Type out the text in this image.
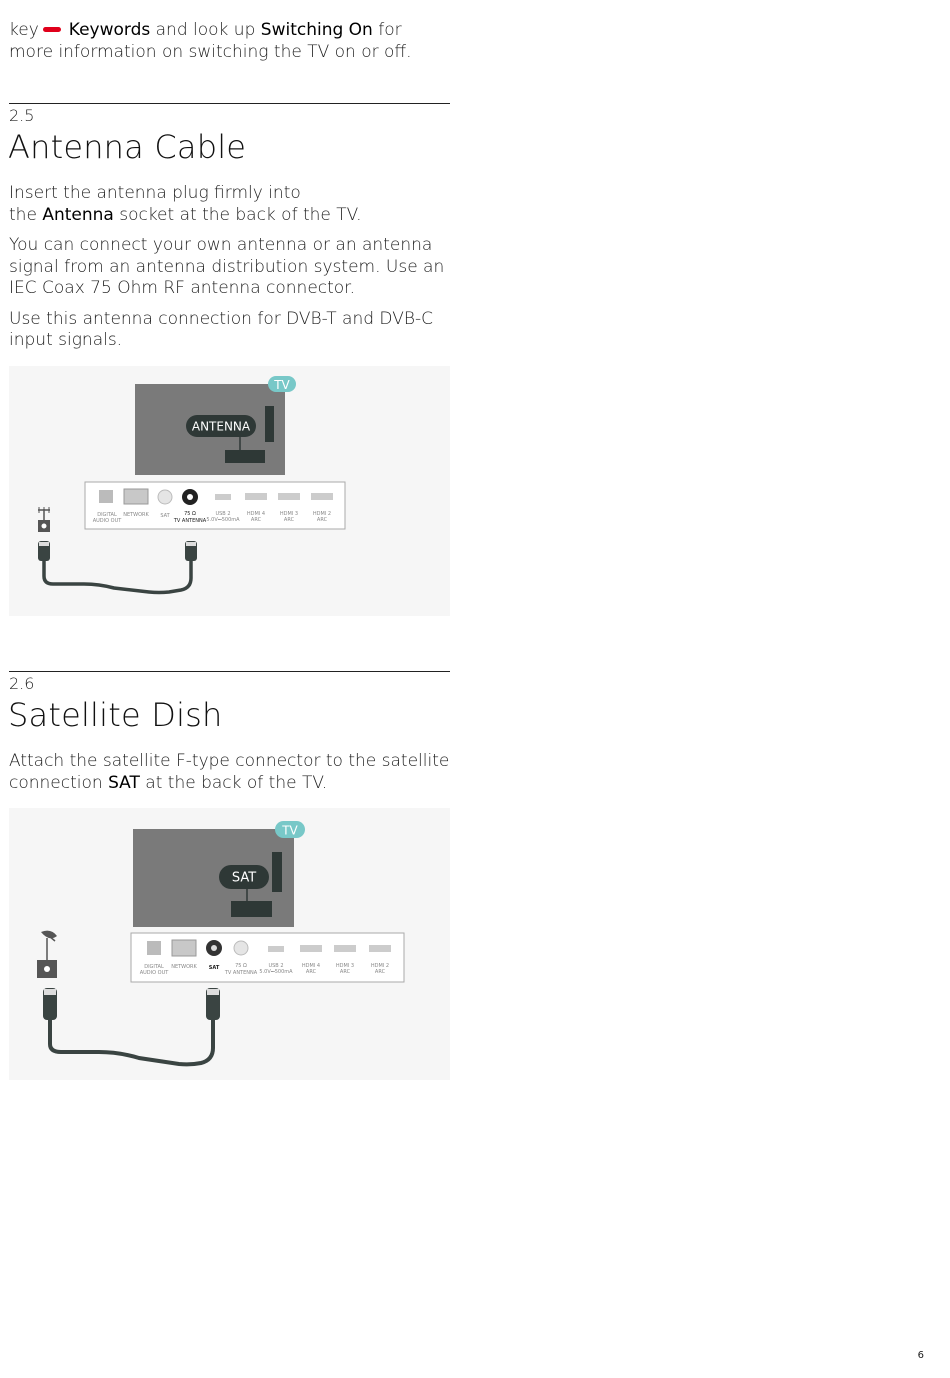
key Keywords and look up Switching On for
more information on switching the TV on or off.

2.5
Antenna Cable

Insert the antenna plug firmly into
the Antenna socket at the back of the TV.

You can connect your own antenna or an antenna signal from an antenna distribution system. Use an IEC Coax 75 Ohm RF antenna connector.

Use this antenna connection for DVB-T and DVB-C input signals.

TV
ANTENNA
DIGITAL
AUDIO OUT
NETWORK SAT	75 Ω
TV ANTENNA
USB 2
5.0V⎓500mA
HDMI 4
ARC
HDMI 3
ARC
HDMI 2
ARC
2.6
Satellite Dish

Attach the satellite F-type connector to the satellite
connection SAT at the back of the TV.

TV
SAT
DIGITAL
AUDIO OUT
NETWORK SAT	75 Ω
TV ANTENNA
USB 2
5.0V⎓500mA
HDMI 4
ARC
HDMI 3
ARC
HDMI 2
ARC
6
